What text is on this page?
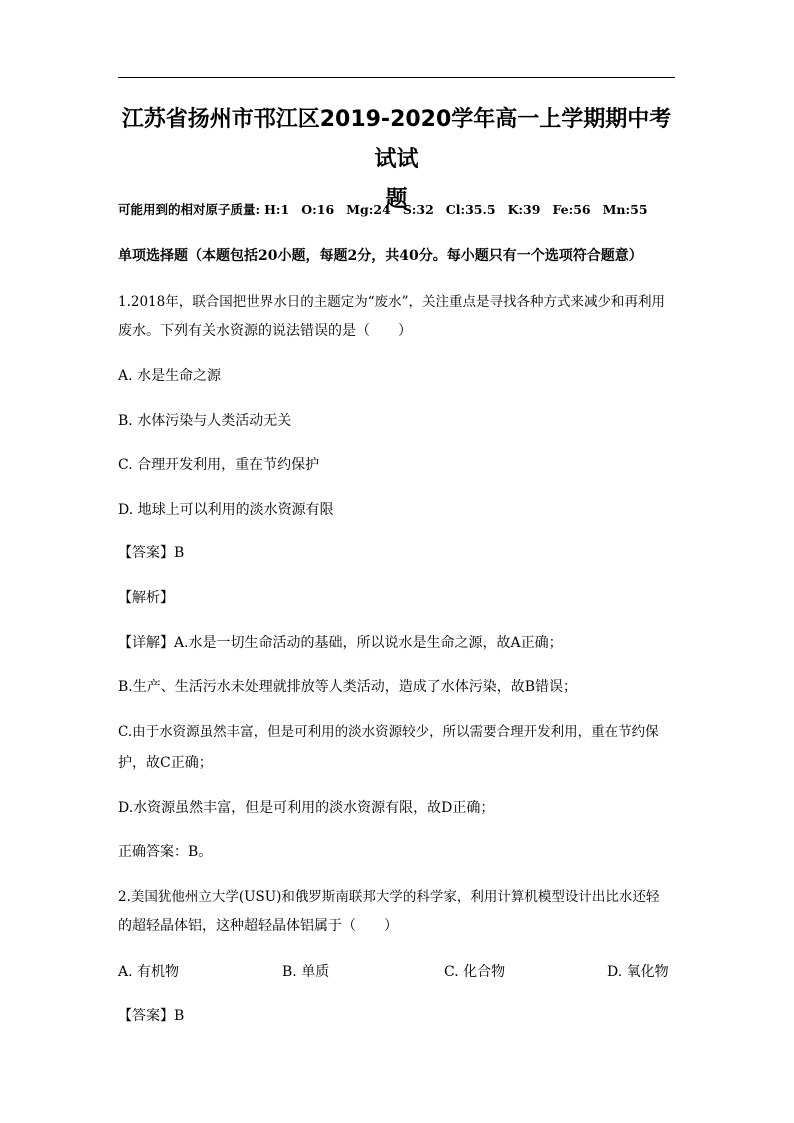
江苏省扬州市邗江区2019-2020学年高一上学期期中考试试
题
可能用到的相对原子质量: H:1 O:16 Mg:24 S:32 Cl:35.5 K:39 Fe:56 Mn:55
单项选择题（本题包括20小题，每题2分，共40分。每小题只有一个选项符合题意）
1.2018年，联合国把世界水日的主题定为“废水”，关注重点是寻找各种方式来减少和再利用
废水。下列有关水资源的说法错误的是（　　）
A. 水是生命之源
B. 水体污染与人类活动无关
C. 合理开发利用，重在节约保护
D. 地球上可以利用的淡水资源有限
【答案】B
【解析】
【详解】A.水是一切生命活动的基础，所以说水是生命之源，故A正确；
B.生产、生活污水未处理就排放等人类活动，造成了水体污染，故B错误；
C.由于水资源虽然丰富，但是可利用的淡水资源较少，所以需要合理开发利用，重在节约保
护，故C正确；
D.水资源虽然丰富，但是可利用的淡水资源有限，故D正确；
正确答案：B。
2.美国犹他州立大学(USU)和俄罗斯南联邦大学的科学家，利用计算机模型设计出比水还轻
的超轻晶体铝，这种超轻晶体铝属于（　　）
A. 有机物	B. 单质	C. 化合物	D. 氧化物
【答案】B
